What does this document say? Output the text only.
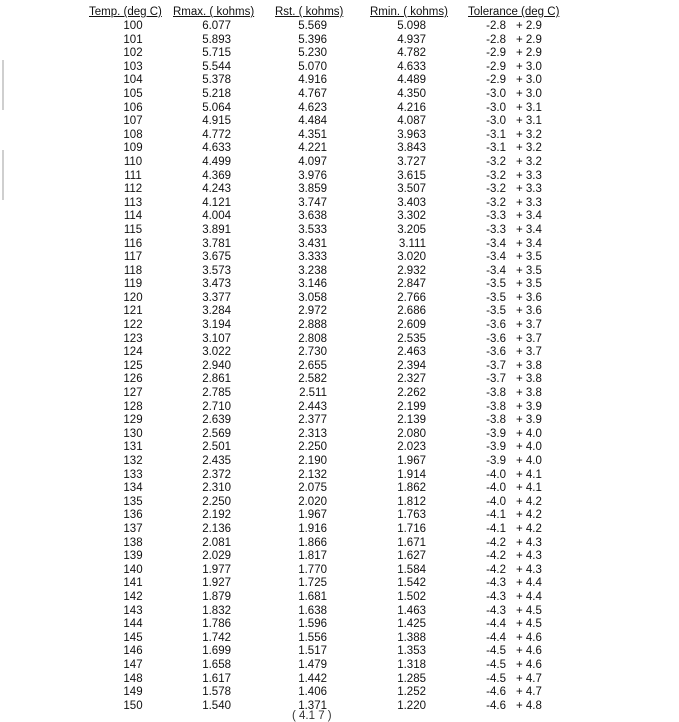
Temp. (deg C) Rmax. ( kohms) Rst. ( kohms) Rmin. ( kohms) Tolerance (deg C)
100
101
102
103
104
105
106
107
108
109
110
111
112
113
114
115
116
117
118
119
120
121
122
123
124
125
126
127
128
129
130
131
132
133
134
135
136
137
138
139
140
141
142
143
144
145
146
147
148
149
150
6.077
5.893
5.715
5.544
5.378
5.218
5.064
4.915
4.772
4.633
4.499
4.369
4.243
4.121
4.004
3.891
3.781
3.675
3.573
3.473
3.377
3.284
3.194
3.107
3.022
2.940
2.861
2.785
2.710
2.639
2.569
2.501
2.435
2.372
2.310
2.250
2.192
2.136
2.081
2.029
1.977
1.927
1.879
1.832
1.786
1.742
1.699
1.658
1.617
1.578
1.540
5.569
5.396
5.230
5.070
4.916
4.767
4.623
4.484
4.351
4.221
4.097
3.976
3.859
3.747
3.638
3.533
3.431
3.333
3.238
3.146
3.058
2.972
2.888
2.808
2.730
2.655
2.582
2.511
2.443
2.377
2.313
2.250
2.190
2.132
2.075
2.020
1.967
1.916
1.866
1.817
1.770
1.725
1.681
1.638
1.596
1.556
1.517
1.479
1.442
1.406
1.371
5.098
4.937
4.782
4.633
4.489
4.350
4.216
4.087
3.963
3.843
3.727
3.615
3.507
3.403
3.302
3.205
3.111
3.020
2.932
2.847
2.766
2.686
2.609
2.535
2.463
2.394
2.327
2.262
2.199
2.139
2.080
2.023
1.967
1.914
1.862
1.812
1.763
1.716
1.671
1.627
1.584
1.542
1.502
1.463
1.425
1.388
1.353
1.318
1.285
1.252
1.220
-2.8
-2.8
-2.9
-2.9
-2.9
-3.0
-3.0
-3.0
-3.1
-3.1
-3.2
-3.2
-3.2
-3.2
-3.3
-3.3
-3.4
-3.4
-3.4
-3.5
-3.5
-3.5
-3.6
-3.6
-3.6
-3.7
-3.7
-3.8
-3.8
-3.8
-3.9
-3.9
-3.9
-4.0
-4.0
-4.0
-4.1
-4.1
-4.2
-4.2
-4.2
-4.3
-4.3
-4.3
-4.4
-4.4
-4.5
-4.5
-4.5
-4.6
-4.6
+ 2.9
+ 2.9
+ 2.9
+ 3.0
+ 3.0
+ 3.0
+ 3.1
+ 3.1
+ 3.2
+ 3.2
+ 3.2
+ 3.3
+ 3.3
+ 3.3
+ 3.4
+ 3.4
+ 3.4
+ 3.5
+ 3.5
+ 3.5
+ 3.6
+ 3.6
+ 3.7
+ 3.7
+ 3.7
+ 3.8
+ 3.8
+ 3.8
+ 3.9
+ 3.9
+ 4.0
+ 4.0
+ 4.0
+ 4.1
+ 4.1
+ 4.2
+ 4.2
+ 4.2
+ 4.3
+ 4.3
+ 4.3
+ 4.4
+ 4.4
+ 4.5
+ 4.5
+ 4.6
+ 4.6
+ 4.6
+ 4.7
+ 4.7
+ 4.8
( 4.1 7 )
